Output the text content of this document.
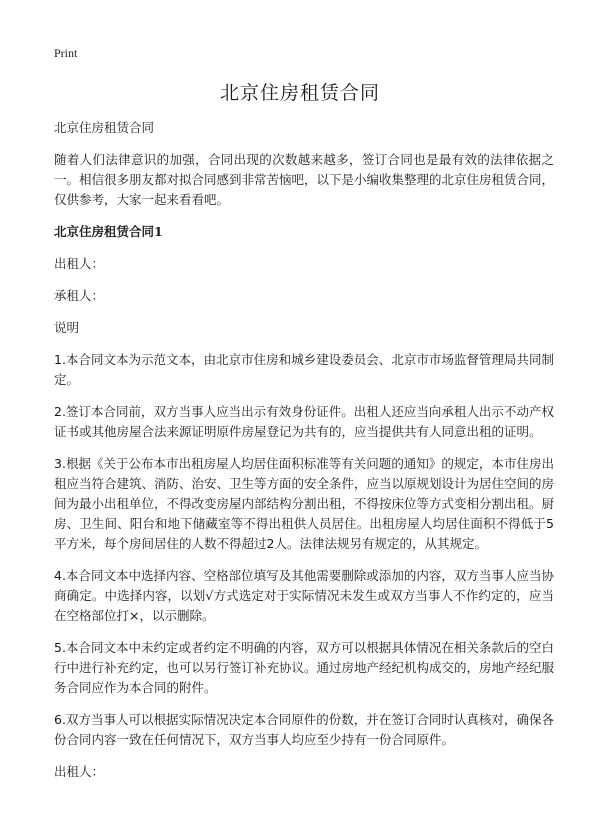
Print
北京住房租赁合同

北京住房租赁合同

随着人们法律意识的加强，合同出现的次数越来越多，签订合同也是最有效的法律依据之一。相信很多朋友都对拟合同感到非常苦恼吧，以下是小编收集整理的北京住房租赁合同，仅供参考，大家一起来看看吧。

北京住房租赁合同1

出租人：

承租人：

说明

1.本合同文本为示范文本，由北京市住房和城乡建设委员会、北京市市场监督管理局共同制定。

2.签订本合同前，双方当事人应当出示有效身份证件。出租人还应当向承租人出示不动产权证书或其他房屋合法来源证明原件房屋登记为共有的，应当提供共有人同意出租的证明。

3.根据《关于公布本市出租房屋人均居住面积标准等有关问题的通知》的规定，本市住房出租应当符合建筑、消防、治安、卫生等方面的安全条件，应当以原规划设计为居住空间的房间为最小出租单位，不得改变房屋内部结构分割出租，不得按床位等方式变相分割出租。厨房、卫生间、阳台和地下储藏室等不得出租供人员居住。出租房屋人均居住面积不得低于5平方米，每个房间居住的人数不得超过2人。法律法规另有规定的，从其规定。

4.本合同文本中选择内容、空格部位填写及其他需要删除或添加的内容，双方当事人应当协商确定。中选择内容，以划√方式选定对于实际情况未发生或双方当事人不作约定的，应当在空格部位打×，以示删除。

5.本合同文本中未约定或者约定不明确的内容，双方可以根据具体情况在相关条款后的空白行中进行补充约定，也可以另行签订补充协议。通过房地产经纪机构成交的，房地产经纪服务合同应作为本合同的附件。

6.双方当事人可以根据实际情况决定本合同原件的份数，并在签订合同时认真核对，确保各份合同内容一致在任何情况下，双方当事人均应至少持有一份合同原件。

出租人：
